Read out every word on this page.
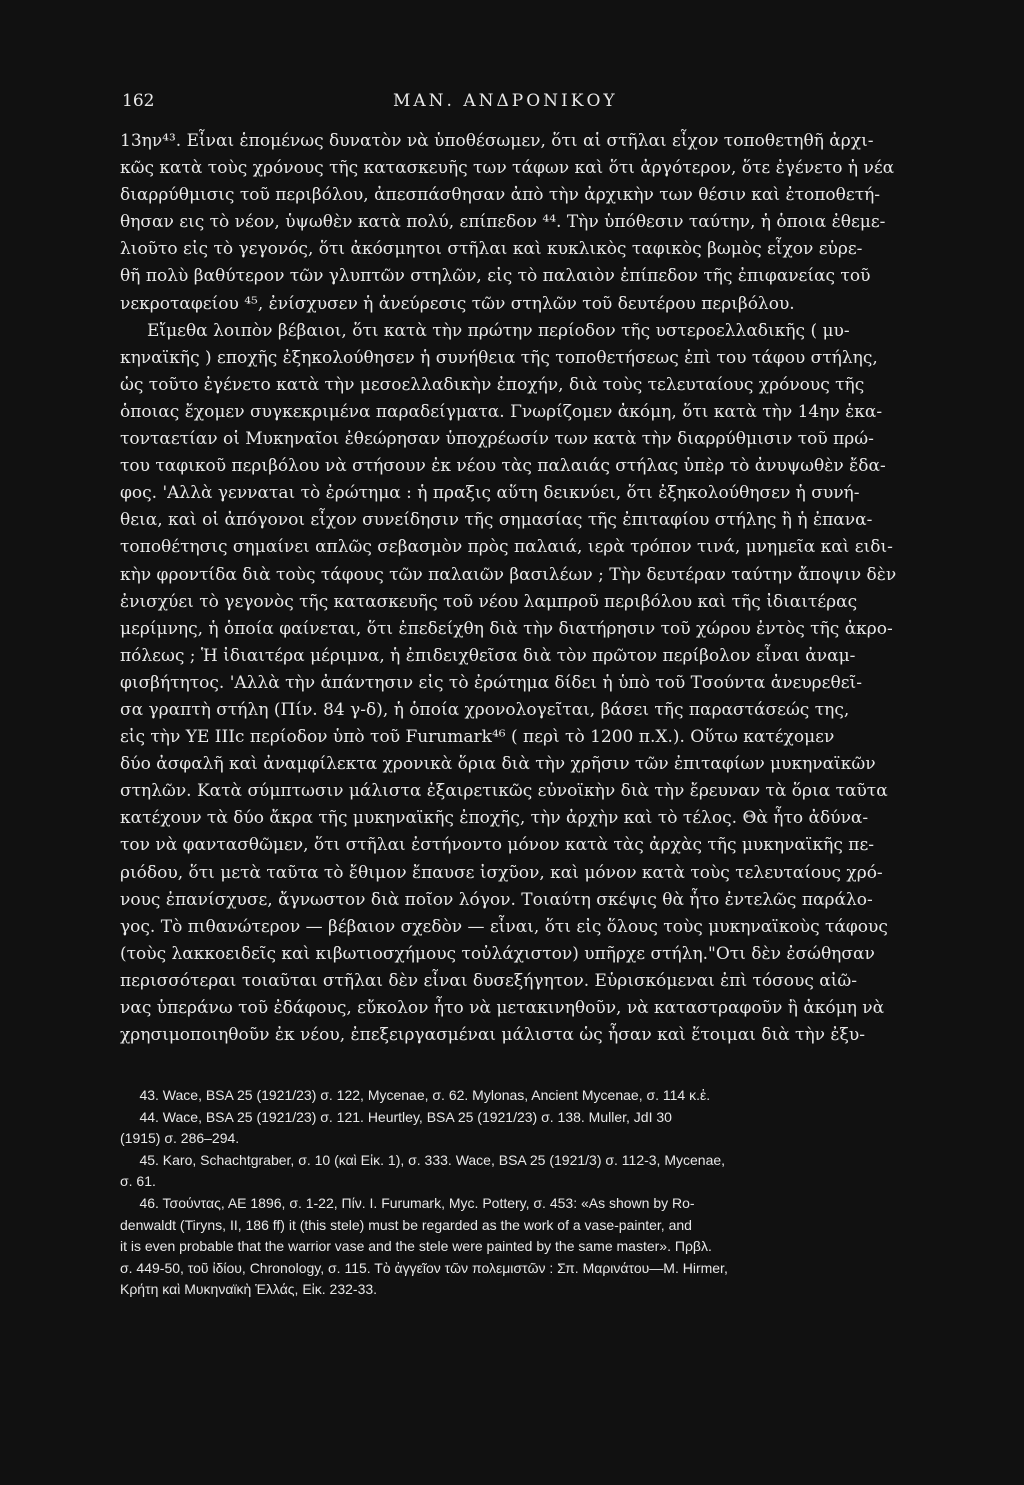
162	ΜΑΝ. ΑΝΔΡΟΝΙΚΟΥ
13ην⁴³. Εἶναι ἑπομένως δυνατὸν νὰ ὑποθέσωμεν, ὅτι αἱ στῆλαι εἶχον τοποθετηθῆ ἀρχι-
κῶς κατὰ τοὺς χρόνους τῆς κατασκευῆς των τάφων καὶ ὅτι ἀργότερον, ὅτε ἐγένετο ἡ νέα
διαρρύθμισις τοῦ περιβόλου, ἀπεσπάσθησαν ἀπὸ τὴν ἀρχικὴν των θέσιν καὶ ἐτοποθετή-
θησαν εις τὸ νέον, ὑψωθὲν κατὰ πολύ, επίπεδον ⁴⁴. Τὴν ὑπόθεσιν ταύτην, ἡ ὁποια ἐθεμε-
λιοῦτο εἰς τὸ γεγονός, ὅτι ἀκόσμητοι στῆλαι καὶ κυκλικὸς ταφικὸς βωμὸς εἶχον εὑρε-
θῆ πολὺ βαθύτερον τῶν γλυπτῶν στηλῶν, εἰς τὸ παλαιὸν ἐπίπεδον τῆς ἐπιφανείας τοῦ
νεκροταφείου ⁴⁵, ἐνίσχυσεν ἡ ἀνεύρεσις τῶν στηλῶν τοῦ δευτέρου περιβόλου.
Εἴμεθα λοιπὸν βέβαιοι, ὅτι κατὰ τὴν πρώτην περίοδον τῆς υστεροελλαδικῆς ( μυ-
κηναϊκῆς ) εποχῆς ἐξηκολούθησεν ἡ συνήθεια τῆς τοποθετήσεως ἐπὶ του τάφου στήλης,
ὡς τοῦτο ἐγένετο κατὰ τὴν μεσοελλαδικὴν ἐποχήν, διὰ τοὺς τελευταίους χρόνους τῆς
ὁποιας ἔχομεν συγκεκριμένα παραδείγματα. Γνωρίζομεν ἀκόμη, ὅτι κατὰ τὴν 14ην ἑκα-
τονταετίαν οἱ Μυκηναῖοι ἐθεώρησαν ὑποχρέωσίν των κατὰ τὴν διαρρύθμισιν τοῦ πρώ-
του ταφικοῦ περιβόλου νὰ στήσουν ἐκ νέου τὰς παλαιάς στήλας ὑπὲρ τὸ ἀνυψωθὲν ἔδα-
φος. 'Αλλὰ γεννατaι τὸ ἐρώτημα : ἡ πραξις αὕτη δεικνύει, ὅτι ἐξηκολούθησεν ἡ συνή-
θεια, καὶ οἱ ἀπόγονοι εἶχον συνείδησιν τῆς σημασίας τῆς ἐπιταφίου στήλης ἢ ἡ ἐπανα-
τοποθέτησις σημαίνει απλῶς σεβασμὸν πρὸς παλαιά, ιερὰ τρόπον τινά, μνημεῖα καὶ ειδι-
κὴν φροντίδα διὰ τοὺς τάφους τῶν παλαιῶν βασιλέων ; Τὴν δευτέραν ταύτην ἄποψιν δὲν
ἐνισχύει τὸ γεγονὸς τῆς κατασκευῆς τοῦ νέου λαμπροῦ περιβόλου καὶ τῆς ἰδιαιτέρας
μερίμνης, ἡ ὁποία φαίνεται, ὅτι ἐπεδείχθη διὰ τὴν διατήρησιν τοῦ χώρου ἐντὸς τῆς ἀκρο-
πόλεως ; Ἡ ἰδιαιτέρα μέριμνα, ἡ ἐπιδειχθεῖσα διὰ τὸν πρῶτον περίβολον εἶναι ἀναμ-
φισβήτητος. 'Αλλὰ τὴν ἀπάντησιν εἰς τὸ ἐρώτημα δίδει ἡ ὑπὸ τοῦ Τσούντα ἀνευρεθεῖ-
σα γραπτὴ στήλη (Πίν. 84 γ-δ), ἡ ὁποία χρονολογεῖται, βάσει τῆς παραστάσεώς της,
εἰς τὴν ΥΕ IIIc περίοδον ὑπὸ τοῦ Furumark⁴⁶ ( περὶ τὸ 1200 π.Χ.). Οὕτω κατέχομεν
δύο ἀσφαλῆ καὶ ἀναμφίλεκτα χρονικὰ ὅρια διὰ τὴν χρῆσιν τῶν ἐπιταφίων μυκηναϊκῶν
στηλῶν. Κατὰ σύμπτωσιν μάλιστα ἐξαιρετικῶς εὐνοϊκὴν διὰ τὴν ἔρευναν τὰ ὅρια ταῦτα
κατέχουν τὰ δύο ἄκρα τῆς μυκηναϊκῆς ἐποχῆς, τὴν ἀρχὴν καὶ τὸ τέλος. Θὰ ἦτο ἀδύνα-
τον νὰ φαντασθῶμεν, ὅτι στῆλαι ἐστήνοντο μόνον κατὰ τὰς ἀρχὰς τῆς μυκηναϊκῆς πε-
ριόδου, ὅτι μετὰ ταῦτα τὸ ἔθιμον ἔπαυσε ἰσχῦον, καὶ μόνον κατὰ τοὺς τελευταίους χρό-
νους ἐπανίσχυσε, ἄγνωστον διὰ ποῖον λόγον. Τοιαύτη σκέψις θὰ ἦτο ἐντελῶς παράλο-
γος. Τὸ πιθανώτερον — βέβαιον σχεδὸν — εἶναι, ὅτι εἰς ὅλους τοὺς μυκηναϊκοὺς τάφους
(τοὺς λακκοειδεῖς καὶ κιβωτιοσχήμους τοὐλάχιστον) υπῆρχε στήλη."Οτι δὲν ἐσώθησαν
περισσότεραι τοιαῦται στῆλαι δὲν εἶναι δυσεξήγητον. Εὑρισκόμεναι ἐπὶ τόσους αἰῶ-
νας ὑπεράνω τοῦ ἐδάφους, εὔκολον ἦτο νὰ μετακινηθοῦν, νὰ καταστραφοῦν ἢ ἀκόμη νὰ
χρησιμοποιηθοῦν ἐκ νέου, ἐπεξειργασμέναι μάλιστα ὡς ἦσαν καὶ ἕτοιμαι διὰ τὴν ἐξυ-
43. Wace, BSA 25 (1921/23) σ. 122, Mycenae, σ. 62. Mylonas, Ancient Mycenae, σ. 114 κ.ἑ.
44. Wace, BSA 25 (1921/23) σ. 121. Heurtley, BSA 25 (1921/23) σ. 138. Muller, JdI 30
(1915) σ. 286–294.
45. Karo, Schachtgraber, σ. 10 (καὶ Εἰκ. 1), σ. 333. Wace, BSA 25 (1921/3) σ. 112-3, Mycenae,
σ. 61.
46. Τσούντας, ΑΕ 1896, σ. 1-22, Πίν. I. Furumark, Myc. Pottery, σ. 453: «As shown by Ro-
denwaldt (Tiryns, II, 186 ff) it (this stele) must be regarded as the work of a vase-painter, and
it is even probable that the warrior vase and the stele were painted by the same master». Πρβλ.
σ. 449-50, τοῦ ἰδίου, Chronology, σ. 115. Τὸ ἀγγεῖον τῶν πολεμιστῶν : Σπ. Μαρινάτου—M. Hirmer,
Κρήτη καὶ Μυκηναϊκὴ Ἑλλάς, Εἰκ. 232-33.
